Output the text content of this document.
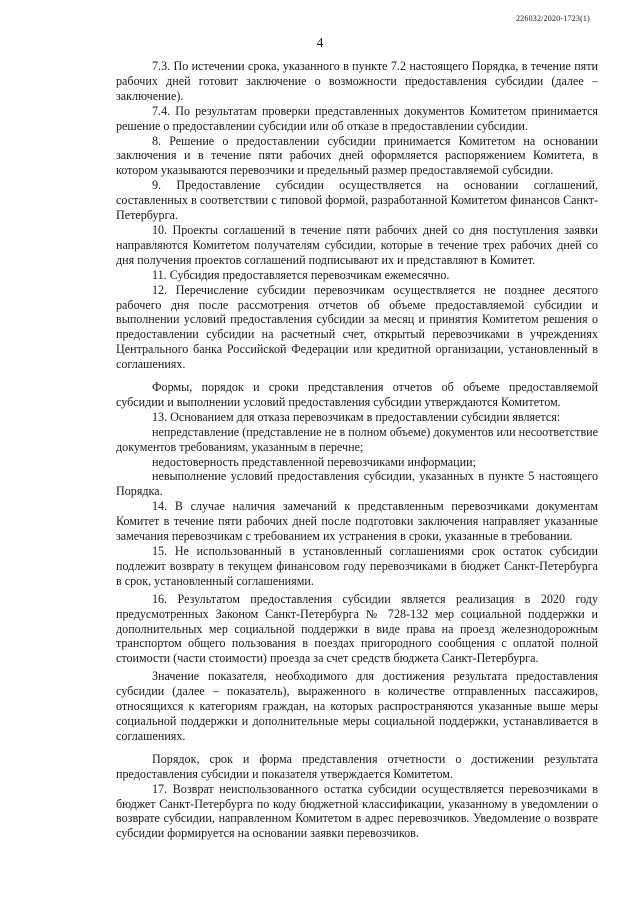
226032/2020-1723(1)
4

7.3. По истечении срока, указанного в пункте 7.2 настоящего Порядка, в течение пяти рабочих дней готовит заключение о возможности предоставления субсидии (далее – заключение).

7.4. По результатам проверки представленных документов Комитетом принимается решение о предоставлении субсидии или об отказе в предоставлении субсидии.

8. Решение о предоставлении субсидии принимается Комитетом на основании заключения и в течение пяти рабочих дней оформляется распоряжением Комитета, в котором указываются перевозчики и предельный размер предоставляемой субсидии.

9. Предоставление субсидии осуществляется на основании соглашений, составленных в соответствии с типовой формой, разработанной Комитетом финансов Санкт-Петербурга.

10. Проекты соглашений в течение пяти рабочих дней со дня поступления заявки направляются Комитетом получателям субсидии, которые в течение трех рабочих дней со дня получения проектов соглашений подписывают их и представляют в Комитет.

11. Субсидия предоставляется перевозчикам ежемесячно.

12. Перечисление субсидии перевозчикам осуществляется не позднее десятого рабочего дня после рассмотрения отчетов об объеме предоставляемой субсидии и выполнении условий предоставления субсидии за месяц и принятия Комитетом решения о предоставлении субсидии на расчетный счет, открытый перевозчиками в учреждениях Центрального банка Российской Федерации или кредитной организации, установленный в соглашениях.

Формы, порядок и сроки представления отчетов об объеме предоставляемой субсидии и выполнении условий предоставления субсидии утверждаются Комитетом.

13. Основанием для отказа перевозчикам в предоставлении субсидии является:

непредставление (представление не в полном объеме) документов или несоответствие документов требованиям, указанным в перечне;

недостоверность представленной перевозчиками информации;

невыполнение условий предоставления субсидии, указанных в пункте 5 настоящего Порядка.

14. В случае наличия замечаний к представленным перевозчиками документам Комитет в течение пяти рабочих дней после подготовки заключения направляет указанные замечания перевозчикам с требованием их устранения в сроки, указанные в требовании.

15. Не использованный в установленный соглашениями срок остаток субсидии подлежит возврату в текущем финансовом году перевозчиками в бюджет Санкт-Петербурга в срок, установленный соглашениями.

16. Результатом предоставления субсидии является реализация в 2020 году предусмотренных Законом Санкт-Петербурга № 728-132 мер социальной поддержки и дополнительных мер социальной поддержки в виде права на проезд железнодорожным транспортом общего пользования в поездах пригородного сообщения с оплатой полной стоимости (части стоимости) проезда за счет средств бюджета Санкт-Петербурга.

Значение показателя, необходимого для достижения результата предоставления субсидии (далее – показатель), выраженного в количестве отправленных пассажиров, относящихся к категориям граждан, на которых распространяются указанные выше меры социальной поддержки и дополнительные меры социальной поддержки, устанавливается в соглашениях.

Порядок, срок и форма представления отчетности о достижении результата предоставления субсидии и показателя утверждается Комитетом.

17. Возврат неиспользованного остатка субсидии осуществляется перевозчиками в бюджет Санкт-Петербурга по коду бюджетной классификации, указанному в уведомлении о возврате субсидии, направленном Комитетом в адрес перевозчиков. Уведомление о возврате субсидии формируется на основании заявки перевозчиков.
